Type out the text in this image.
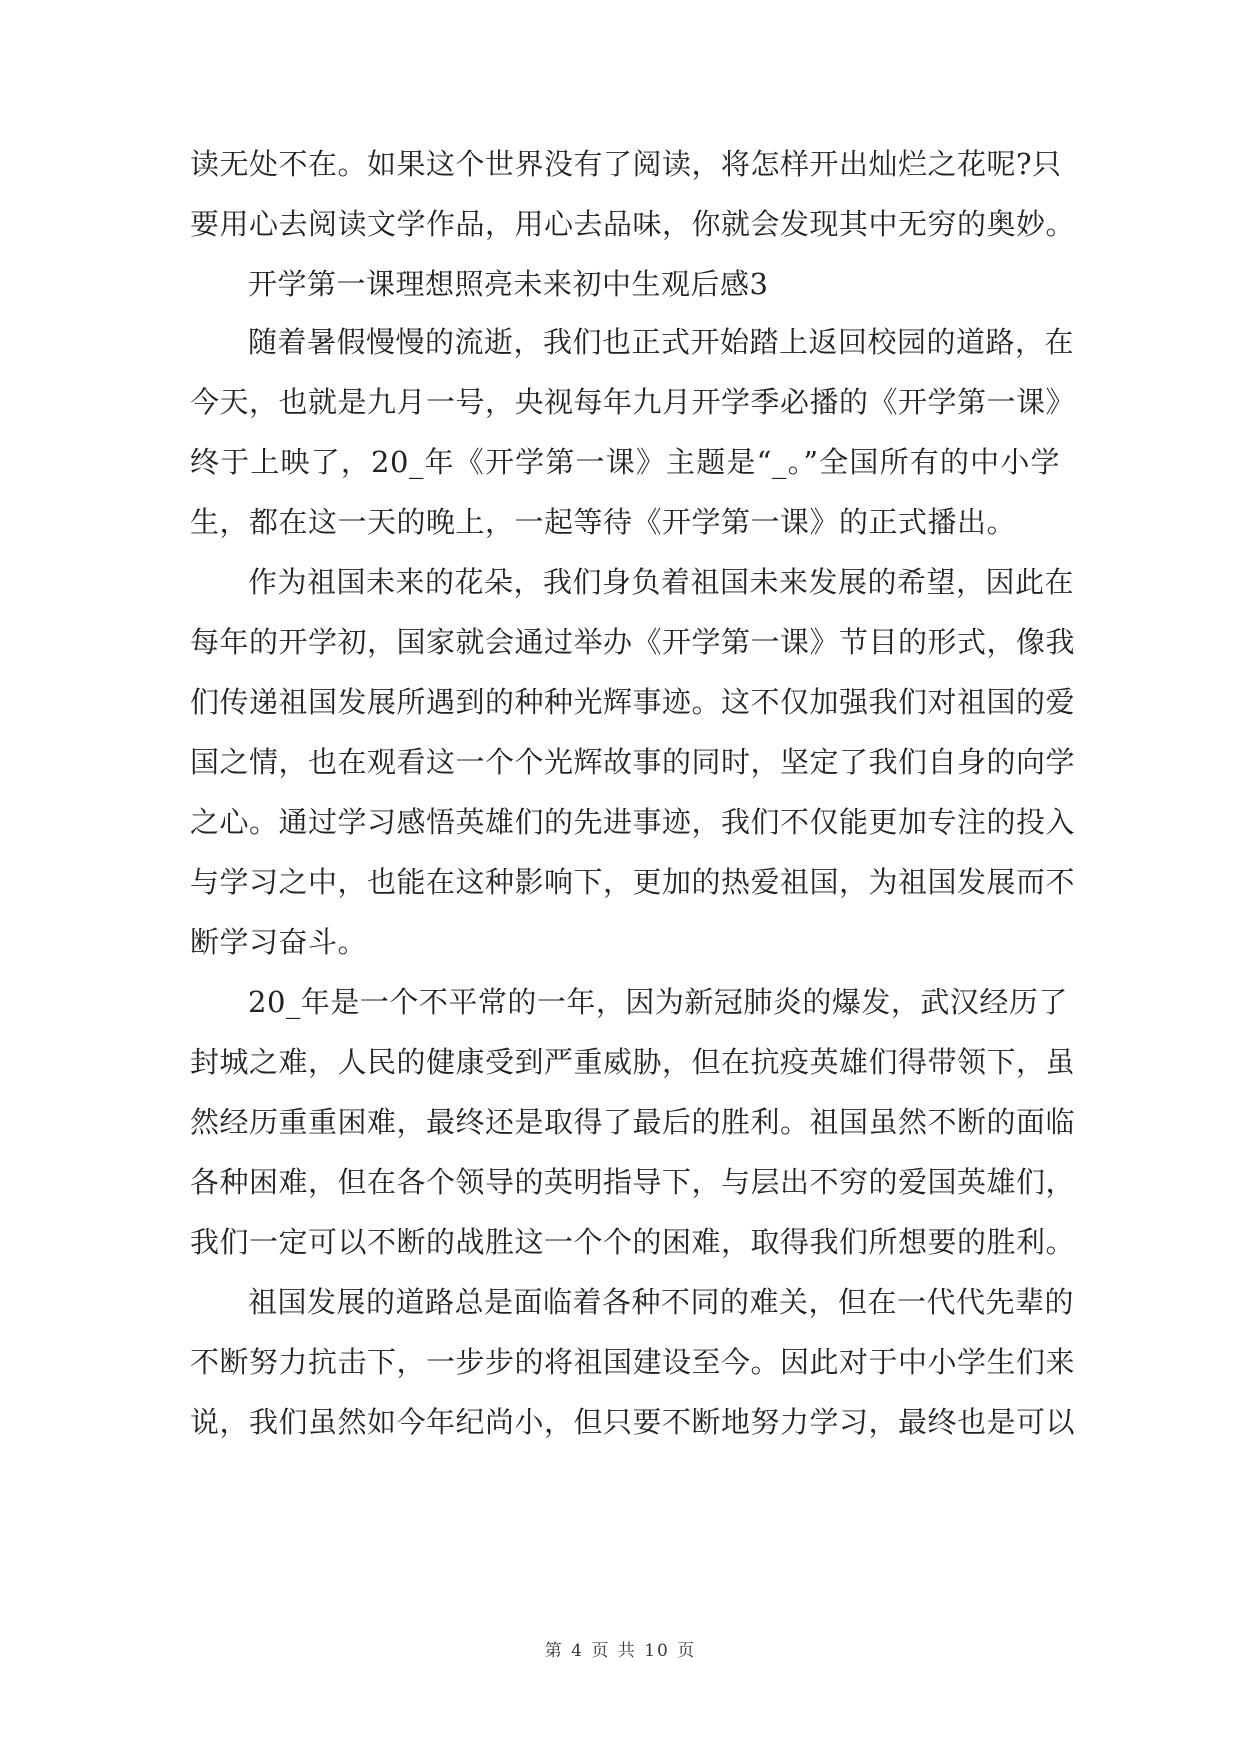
读无处不在。如果这个世界没有了阅读，将怎样开出灿烂之花呢?只
要用心去阅读文学作品，用心去品味，你就会发现其中无穷的奥妙。
开学第一课理想照亮未来初中生观后感3
随着暑假慢慢的流逝，我们也正式开始踏上返回校园的道路，在
今天，也就是九月一号，央视每年九月开学季必播的《开学第一课》
终于上映了，20_年《开学第一课》主题是“_。”全国所有的中小学
生，都在这一天的晚上，一起等待《开学第一课》的正式播出。
作为祖国未来的花朵，我们身负着祖国未来发展的希望，因此在
每年的开学初，国家就会通过举办《开学第一课》节目的形式，像我
们传递祖国发展所遇到的种种光辉事迹。这不仅加强我们对祖国的爱
国之情，也在观看这一个个光辉故事的同时，坚定了我们自身的向学
之心。通过学习感悟英雄们的先进事迹，我们不仅能更加专注的投入
与学习之中，也能在这种影响下，更加的热爱祖国，为祖国发展而不
断学习奋斗。
20_年是一个不平常的一年，因为新冠肺炎的爆发，武汉经历了
封城之难，人民的健康受到严重威胁，但在抗疫英雄们得带领下，虽
然经历重重困难，最终还是取得了最后的胜利。祖国虽然不断的面临
各种困难，但在各个领导的英明指导下，与层出不穷的爱国英雄们，
我们一定可以不断的战胜这一个个的困难，取得我们所想要的胜利。
祖国发展的道路总是面临着各种不同的难关，但在一代代先辈的
不断努力抗击下，一步步的将祖国建设至今。因此对于中小学生们来
说，我们虽然如今年纪尚小，但只要不断地努力学习，最终也是可以
第 4 页 共 10 页
